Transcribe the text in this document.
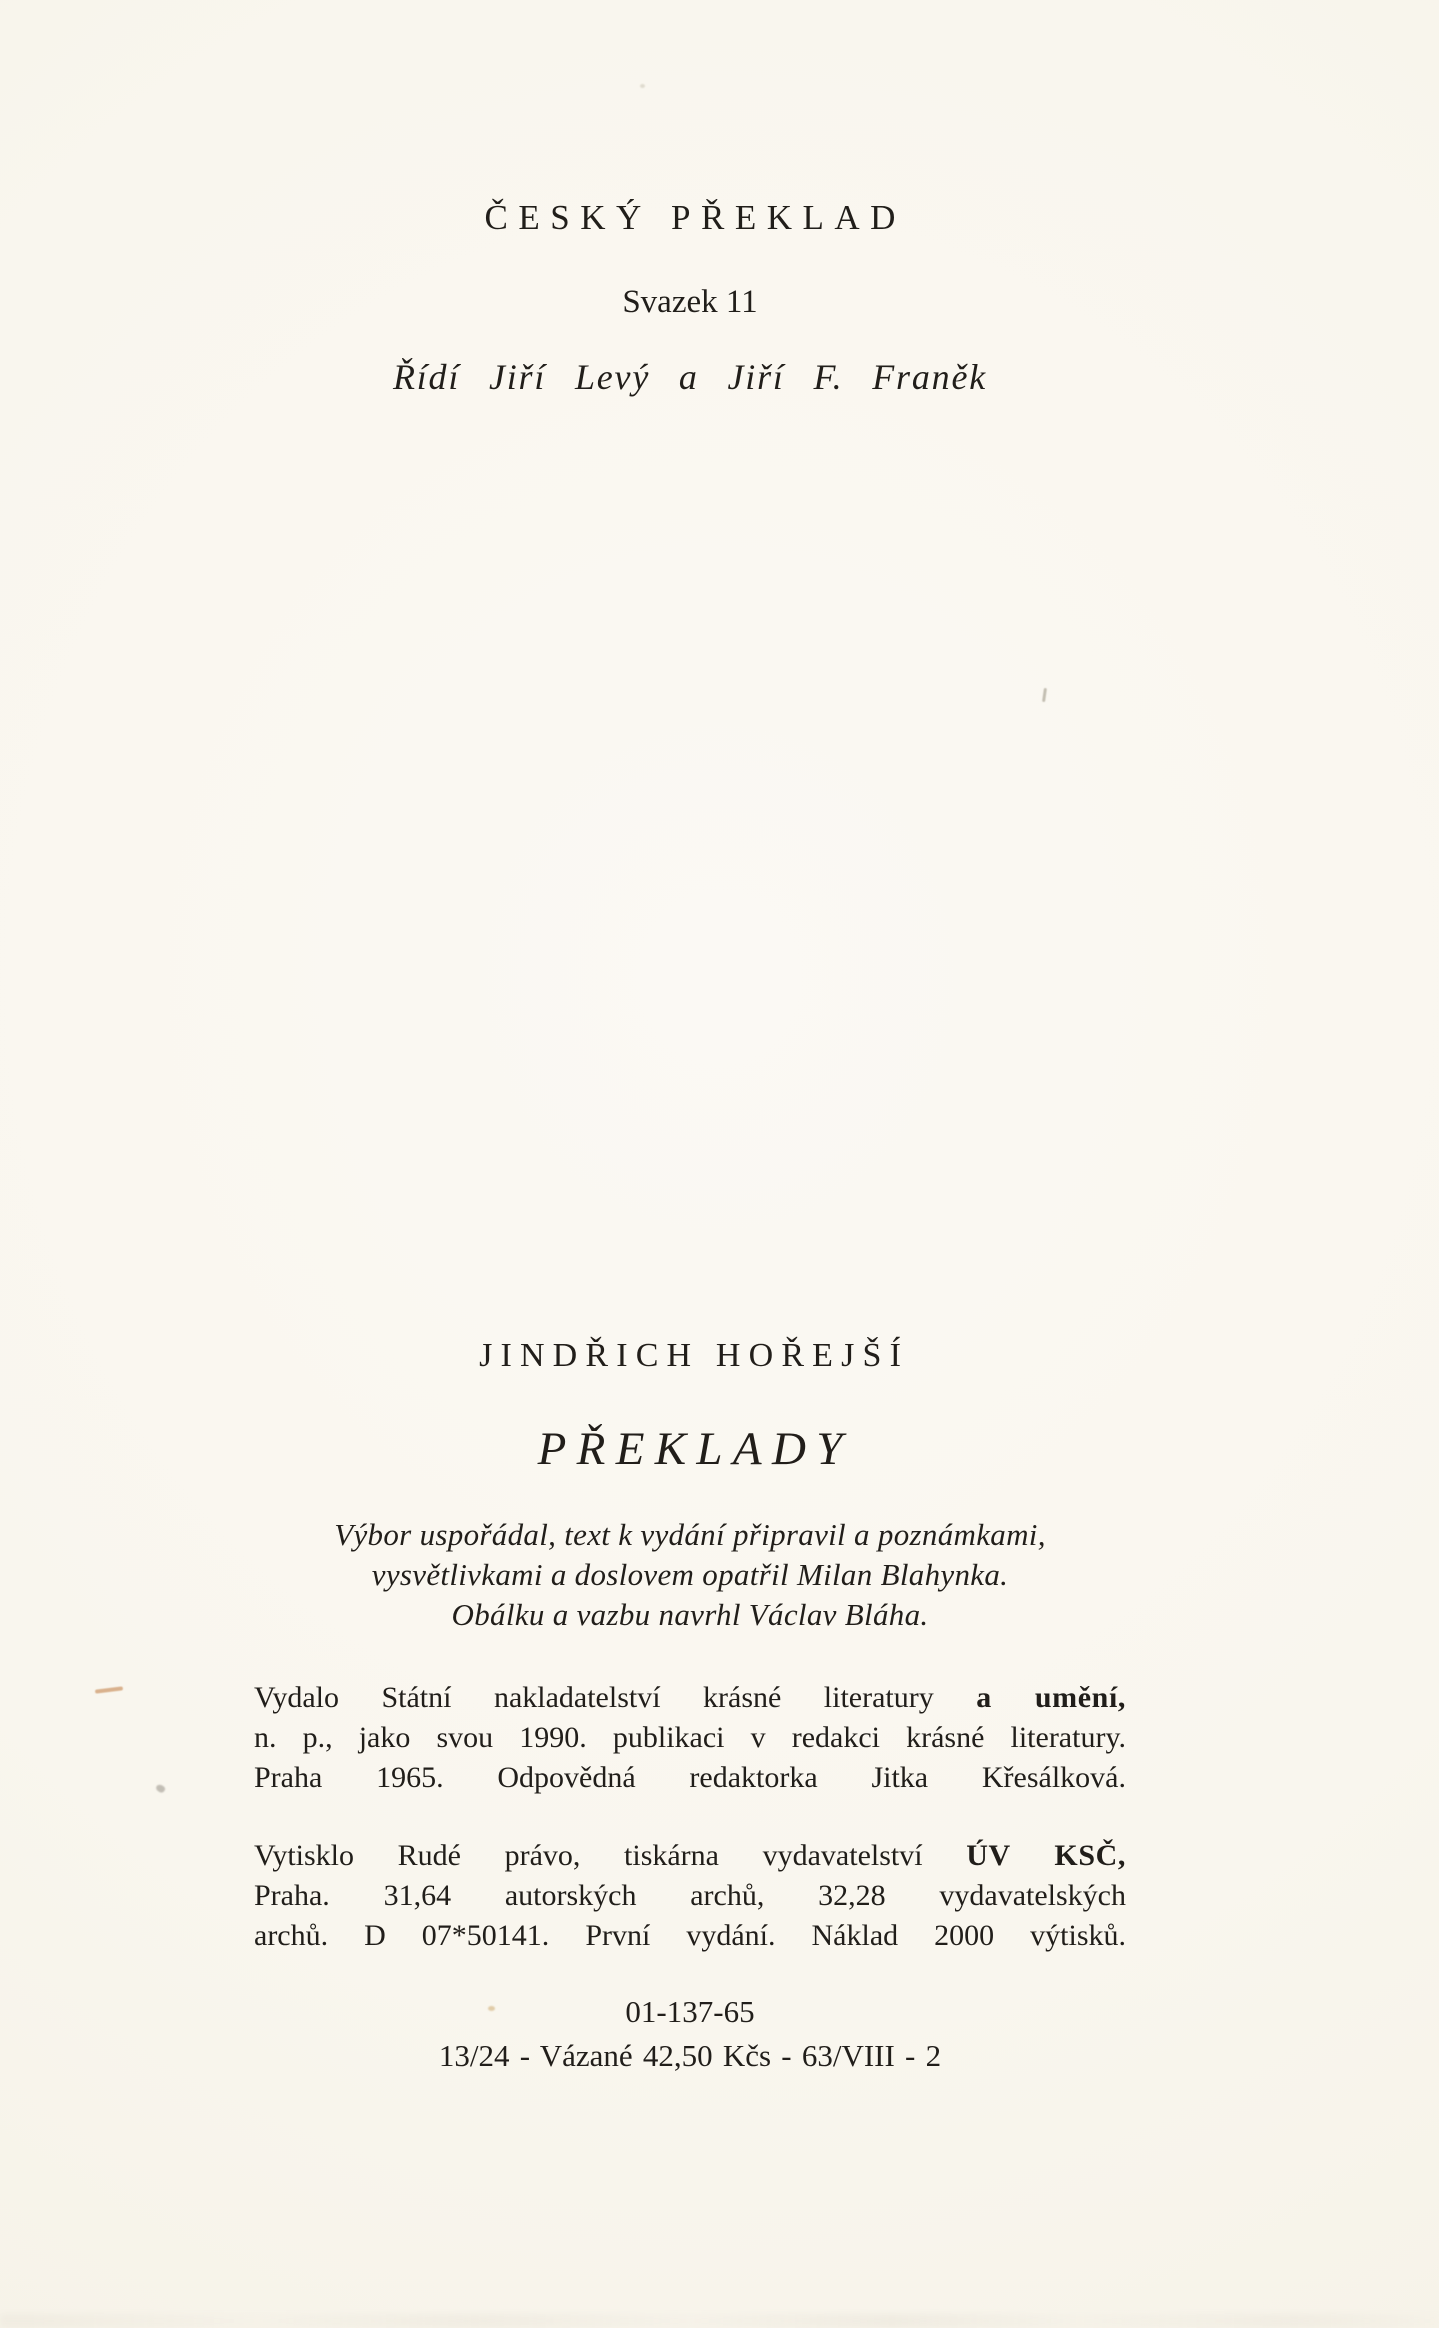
ČESKÝ PŘEKLAD
Svazek 11
Řídí Jiří Levý a Jiří F. Franěk
JINDŘICH HOŘEJŠÍ
PŘEKLADY
Výbor uspořádal, text k vydání připravil a poznámkami,
vysvětlivkami a doslovem opatřil Milan Blahynka.
Obálku a vazbu navrhl Václav Bláha.
Vydalo Státní nakladatelství krásné literatury a umění,
n. p., jako svou 1990. publikaci v redakci krásné literatury.
Praha 1965. Odpovědná redaktorka Jitka Křesálková.
Vytisklo Rudé právo, tiskárna vydavatelství ÚV KSČ,
Praha. 31,64 autorských archů, 32,28 vydavatelských
archů. D 07*50141. První vydání. Náklad 2000 výtisků.
01-137-65
13/24 - Vázané 42,50 Kčs - 63/VIII - 2
